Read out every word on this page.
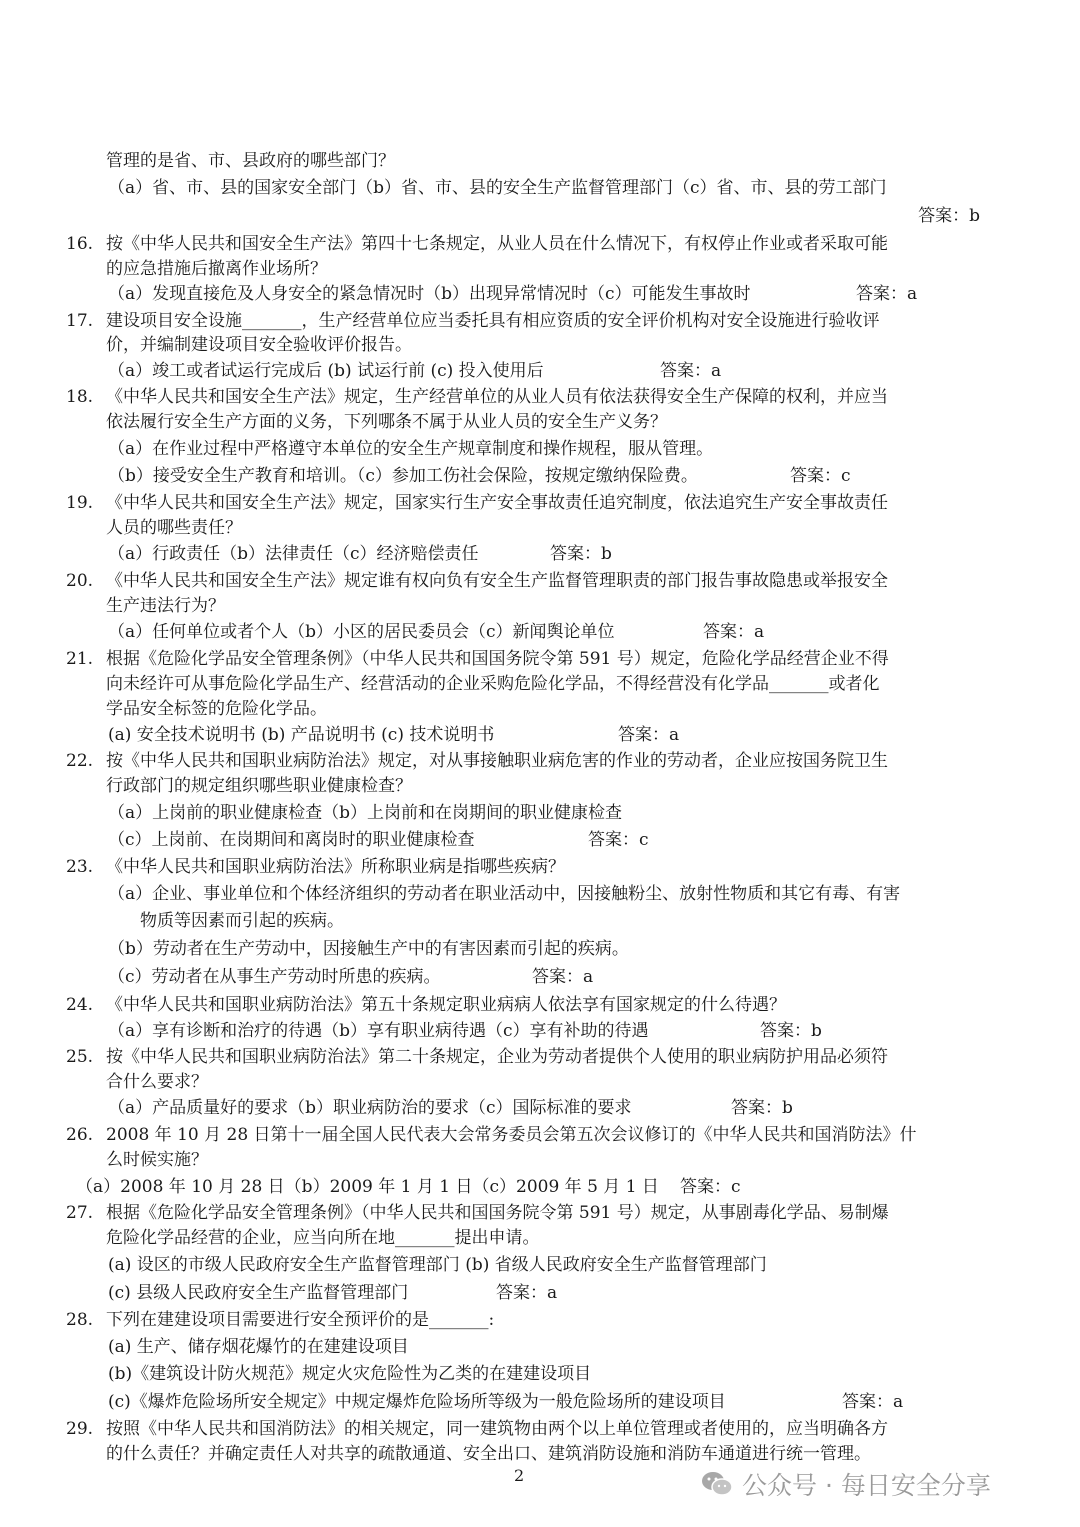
管理的是省、市、县政府的哪些部门？
（a）省、市、县的国家安全部门（b）省、市、县的安全生产监督管理部门（c）省、市、县的劳工部门
答案：b
16. 按《中华人民共和国安全生产法》第四十七条规定，从业人员在什么情况下，有权停止作业或者采取可能
的应急措施后撤离作业场所？
（a）发现直接危及人身安全的紧急情况时（b）出现异常情况时（c）可能发生事故时	答案：a
17. 建设项目安全设施_______，生产经营单位应当委托具有相应资质的安全评价机构对安全设施进行验收评
价，并编制建设项目安全验收评价报告。
（a）竣工或者试运行完成后 (b) 试运行前 (c) 投入使用后	答案：a
18. 《中华人民共和国安全生产法》规定，生产经营单位的从业人员有依法获得安全生产保障的权利，并应当
依法履行安全生产方面的义务，下列哪条不属于从业人员的安全生产义务？
（a）在作业过程中严格遵守本单位的安全生产规章制度和操作规程，服从管理。
（b）接受安全生产教育和培训。（c）参加工伤社会保险，按规定缴纳保险费。	答案：c
19. 《中华人民共和国安全生产法》规定，国家实行生产安全事故责任追究制度，依法追究生产安全事故责任
人员的哪些责任？
（a）行政责任（b）法律责任（c）经济赔偿责任	答案：b
20. 《中华人民共和国安全生产法》规定谁有权向负有安全生产监督管理职责的部门报告事故隐患或举报安全
生产违法行为？
（a）任何单位或者个人（b）小区的居民委员会（c）新闻舆论单位	答案：a
21. 根据《危险化学品安全管理条例》（中华人民共和国国务院令第 591 号）规定，危险化学品经营企业不得
向未经许可从事危险化学品生产、经营活动的企业采购危险化学品，不得经营没有化学品_______或者化
学品安全标签的危险化学品。
(a) 安全技术说明书 (b) 产品说明书 (c) 技术说明书	答案：a
22. 按《中华人民共和国职业病防治法》规定，对从事接触职业病危害的作业的劳动者，企业应按国务院卫生
行政部门的规定组织哪些职业健康检查？
（a）上岗前的职业健康检查（b）上岗前和在岗期间的职业健康检查
（c）上岗前、在岗期间和离岗时的职业健康检查	答案：c
23. 《中华人民共和国职业病防治法》所称职业病是指哪些疾病？
（a）企业、事业单位和个体经济组织的劳动者在职业活动中，因接触粉尘、放射性物质和其它有毒、有害
物质等因素而引起的疾病。
（b）劳动者在生产劳动中，因接触生产中的有害因素而引起的疾病。
（c）劳动者在从事生产劳动时所患的疾病。	答案：a
24. 《中华人民共和国职业病防治法》第五十条规定职业病病人依法享有国家规定的什么待遇？
（a）享有诊断和治疗的待遇（b）享有职业病待遇（c）享有补助的待遇	答案：b
25. 按《中华人民共和国职业病防治法》第二十条规定，企业为劳动者提供个人使用的职业病防护用品必须符
合什么要求？
（a）产品质量好的要求（b）职业病防治的要求（c）国际标准的要求	答案：b
26. 2008 年 10 月 28 日第十一届全国人民代表大会常务委员会第五次会议修订的《中华人民共和国消防法》什
么时候实施？
（a）2008 年 10 月 28 日（b）2009 年 1 月 1 日（c）2009 年 5 月 1 日 答案：c
27. 根据《危险化学品安全管理条例》（中华人民共和国国务院令第 591 号）规定，从事剧毒化学品、易制爆
危险化学品经营的企业，应当向所在地_______提出申请。
(a) 设区的市级人民政府安全生产监督管理部门 (b) 省级人民政府安全生产监督管理部门
(c) 县级人民政府安全生产监督管理部门	答案：a
28. 下列在建建设项目需要进行安全预评价的是_______:
(a) 生产、储存烟花爆竹的在建建设项目
(b)《建筑设计防火规范》规定火灾危险性为乙类的在建建设项目
(c)《爆炸危险场所安全规定》中规定爆炸危险场所等级为一般危险场所的建设项目	答案：a
29. 按照《中华人民共和国消防法》的相关规定，同一建筑物由两个以上单位管理或者使用的，应当明确各方
的什么责任？并确定责任人对共享的疏散通道、安全出口、建筑消防设施和消防车通道进行统一管理。
2	公众号 · 每日安全分享
